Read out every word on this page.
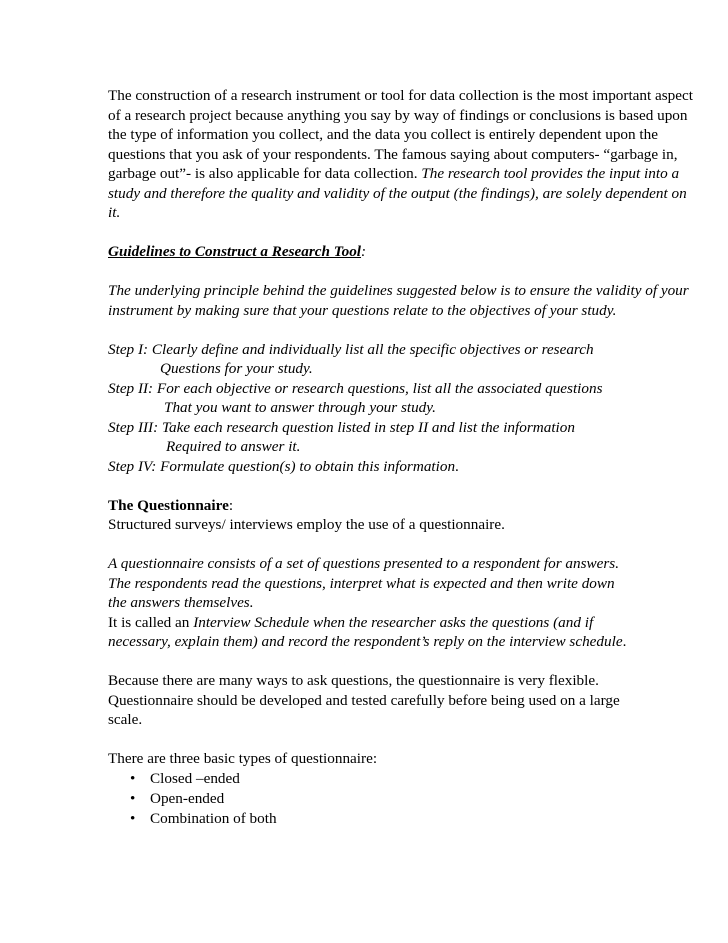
The construction of a research instrument or tool for data collection is the most important aspect
of a research project because anything you say by way of findings or conclusions is based upon
the type of information you collect, and the data you collect is entirely dependent upon the
questions that you ask of your respondents. The famous saying about computers- “garbage in,
garbage out”- is also applicable for data collection. The research tool provides the input into a
study and therefore the quality and validity of the output (the findings), are solely dependent on
it.
Guidelines to Construct a Research Tool:
The underlying principle behind the guidelines suggested below is to ensure the validity of your
instrument by making sure that your questions relate to the objectives of your study.
Step I: Clearly define and individually list all the specific objectives or research
Questions for your study.
Step II: For each objective or research questions, list all the associated questions
That you want to answer through your study.
Step III: Take each research question listed in step II and list the information
Required to answer it.
Step IV: Formulate question(s) to obtain this information.
The Questionnaire:
Structured surveys/ interviews employ the use of a questionnaire.
A questionnaire consists of a set of questions presented to a respondent for answers.
The respondents read the questions, interpret what is expected and then write down
the answers themselves.
It is called an Interview Schedule when the researcher asks the questions (and if
necessary, explain them) and record the respondent’s reply on the interview schedule.
Because there are many ways to ask questions, the questionnaire is very flexible.
Questionnaire should be developed and tested carefully before being used on a large
scale.
There are three basic types of questionnaire:
• Closed –ended
• Open-ended
• Combination of both
